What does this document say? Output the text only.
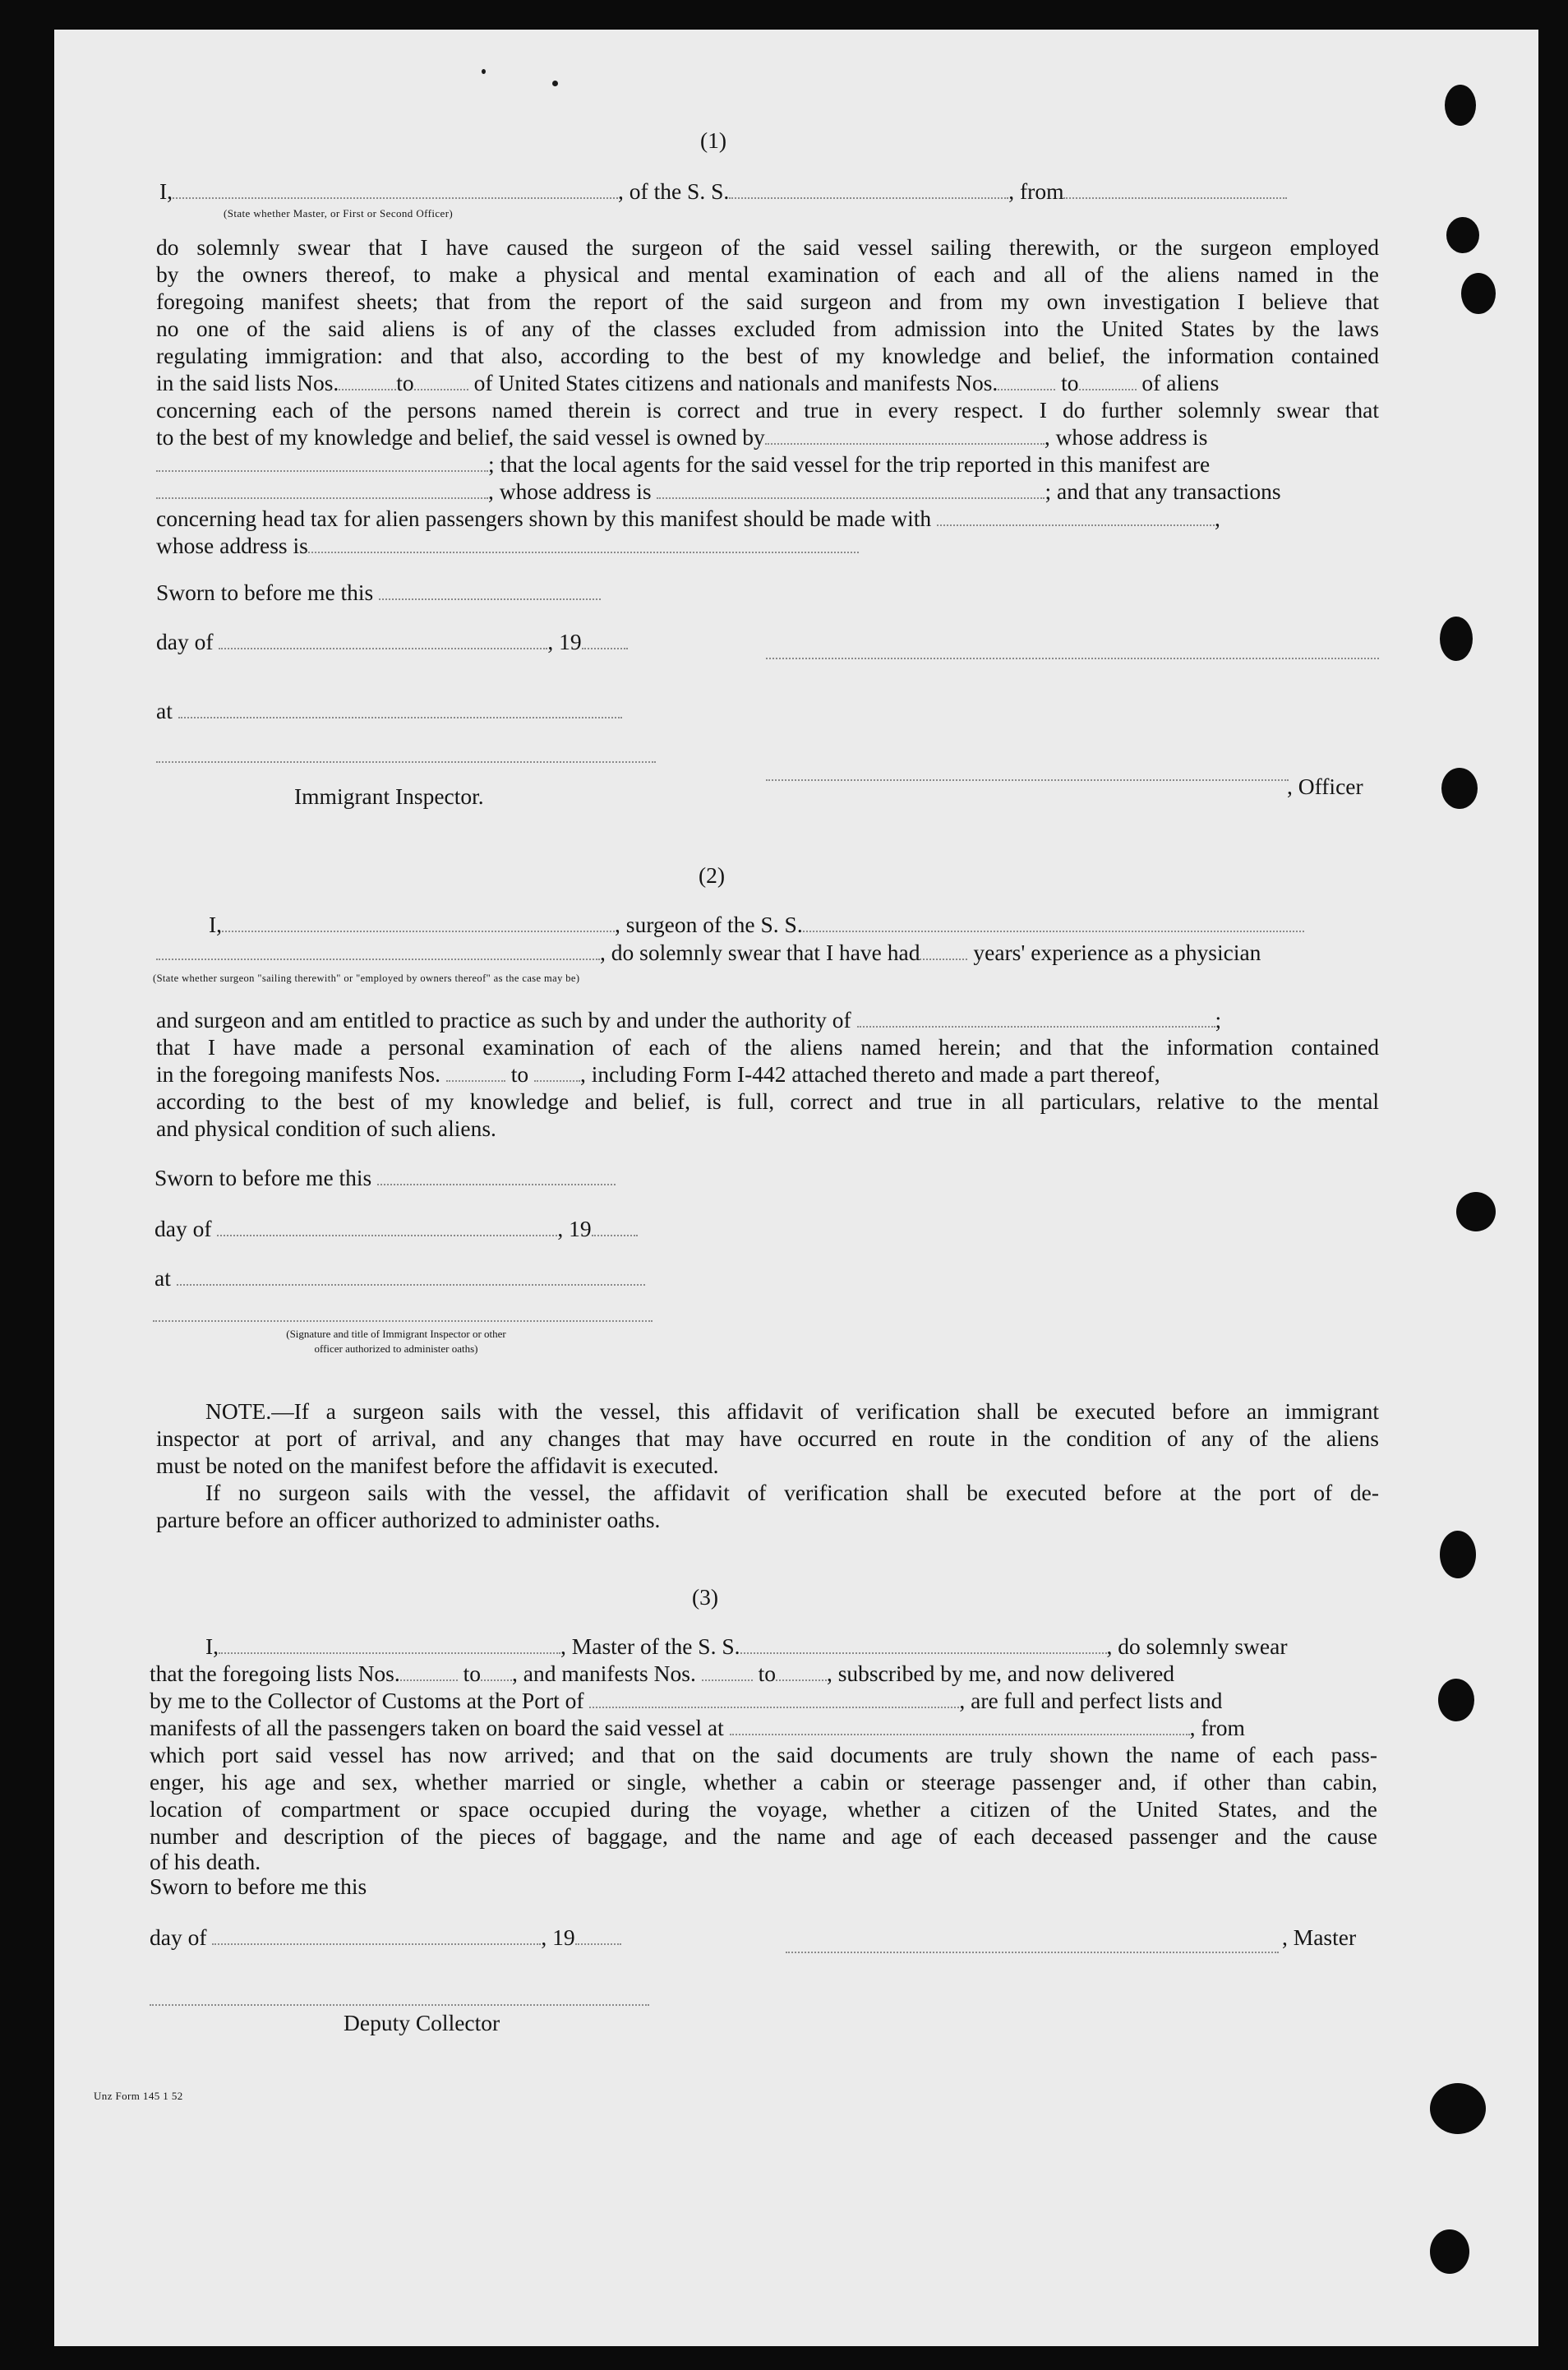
(1)
I,	, of the S. S.	, from
(State whether Master, or First or Second Officer)
do solemnly swear that I have caused the surgeon of the said vessel sailing therewith, or the surgeon employed
by the owners thereof, to make a physical and mental examination of each and all of the aliens named in the
foregoing manifest sheets; that from the report of the said surgeon and from my own investigation I believe that
no one of the said aliens is of any of the classes excluded from admission into the United States by the laws
regulating immigration: and that also, according to the best of my knowledge and belief, the information contained
in the said lists Nos.	to	of United States citizens and nationals and manifests Nos.	to	of aliens
concerning each of the persons named therein is correct and true in every respect. I do further solemnly swear that
to the best of my knowledge and belief, the said vessel is owned by	, whose address is
; that the local agents for the said vessel for the trip reported in this manifest are
, whose address is	; and that any transactions
concerning head tax for alien passengers shown by this manifest should be made with	,
whose address is
Sworn to before me this
day of	, 19
at
, Officer
Immigrant Inspector.
(2)
I,	, surgeon of the S. S.
, do solemnly swear that I have had years' experience as a physician
(State whether surgeon "sailing therewith" or "employed by owners thereof" as the case may be)
and surgeon and am entitled to practice as such by and under the authority of	;
that I have made a personal examination of each of the aliens named herein; and that the information contained
in the foregoing manifests Nos.	to , including Form I-442 attached thereto and made a part thereof,
according to the best of my knowledge and belief, is full, correct and true in all particulars, relative to the mental
and physical condition of such aliens.
Sworn to before me this
day of	, 19
at
(Signature and title of Immigrant Inspector or other
officer authorized to administer oaths)
NOTE.—If a surgeon sails with the vessel, this affidavit of verification shall be executed before an immigrant
inspector at port of arrival, and any changes that may have occurred en route in the condition of any of the aliens
must be noted on the manifest before the affidavit is executed.
If no surgeon sails with the vessel, the affidavit of verification shall be executed before at the port of de-
parture before an officer authorized to administer oaths.
(3)
I,	, Master of the S. S.	, do solemnly swear
that the foregoing lists Nos.	to , and manifests Nos.	to , subscribed by me, and now delivered
by me to the Collector of Customs at the Port of	, are full and perfect lists and
manifests of all the passengers taken on board the said vessel at	, from
which port said vessel has now arrived; and that on the said documents are truly shown the name of each pass-
enger, his age and sex, whether married or single, whether a cabin or steerage passenger and, if other than cabin,
location of compartment or space occupied during the voyage, whether a citizen of the United States, and the
number and description of the pieces of baggage, and the name and age of each deceased passenger and the cause
of his death.
Sworn to before me this
day of	, 19	, Master
Deputy Collector
Unz Form 145 1 52
